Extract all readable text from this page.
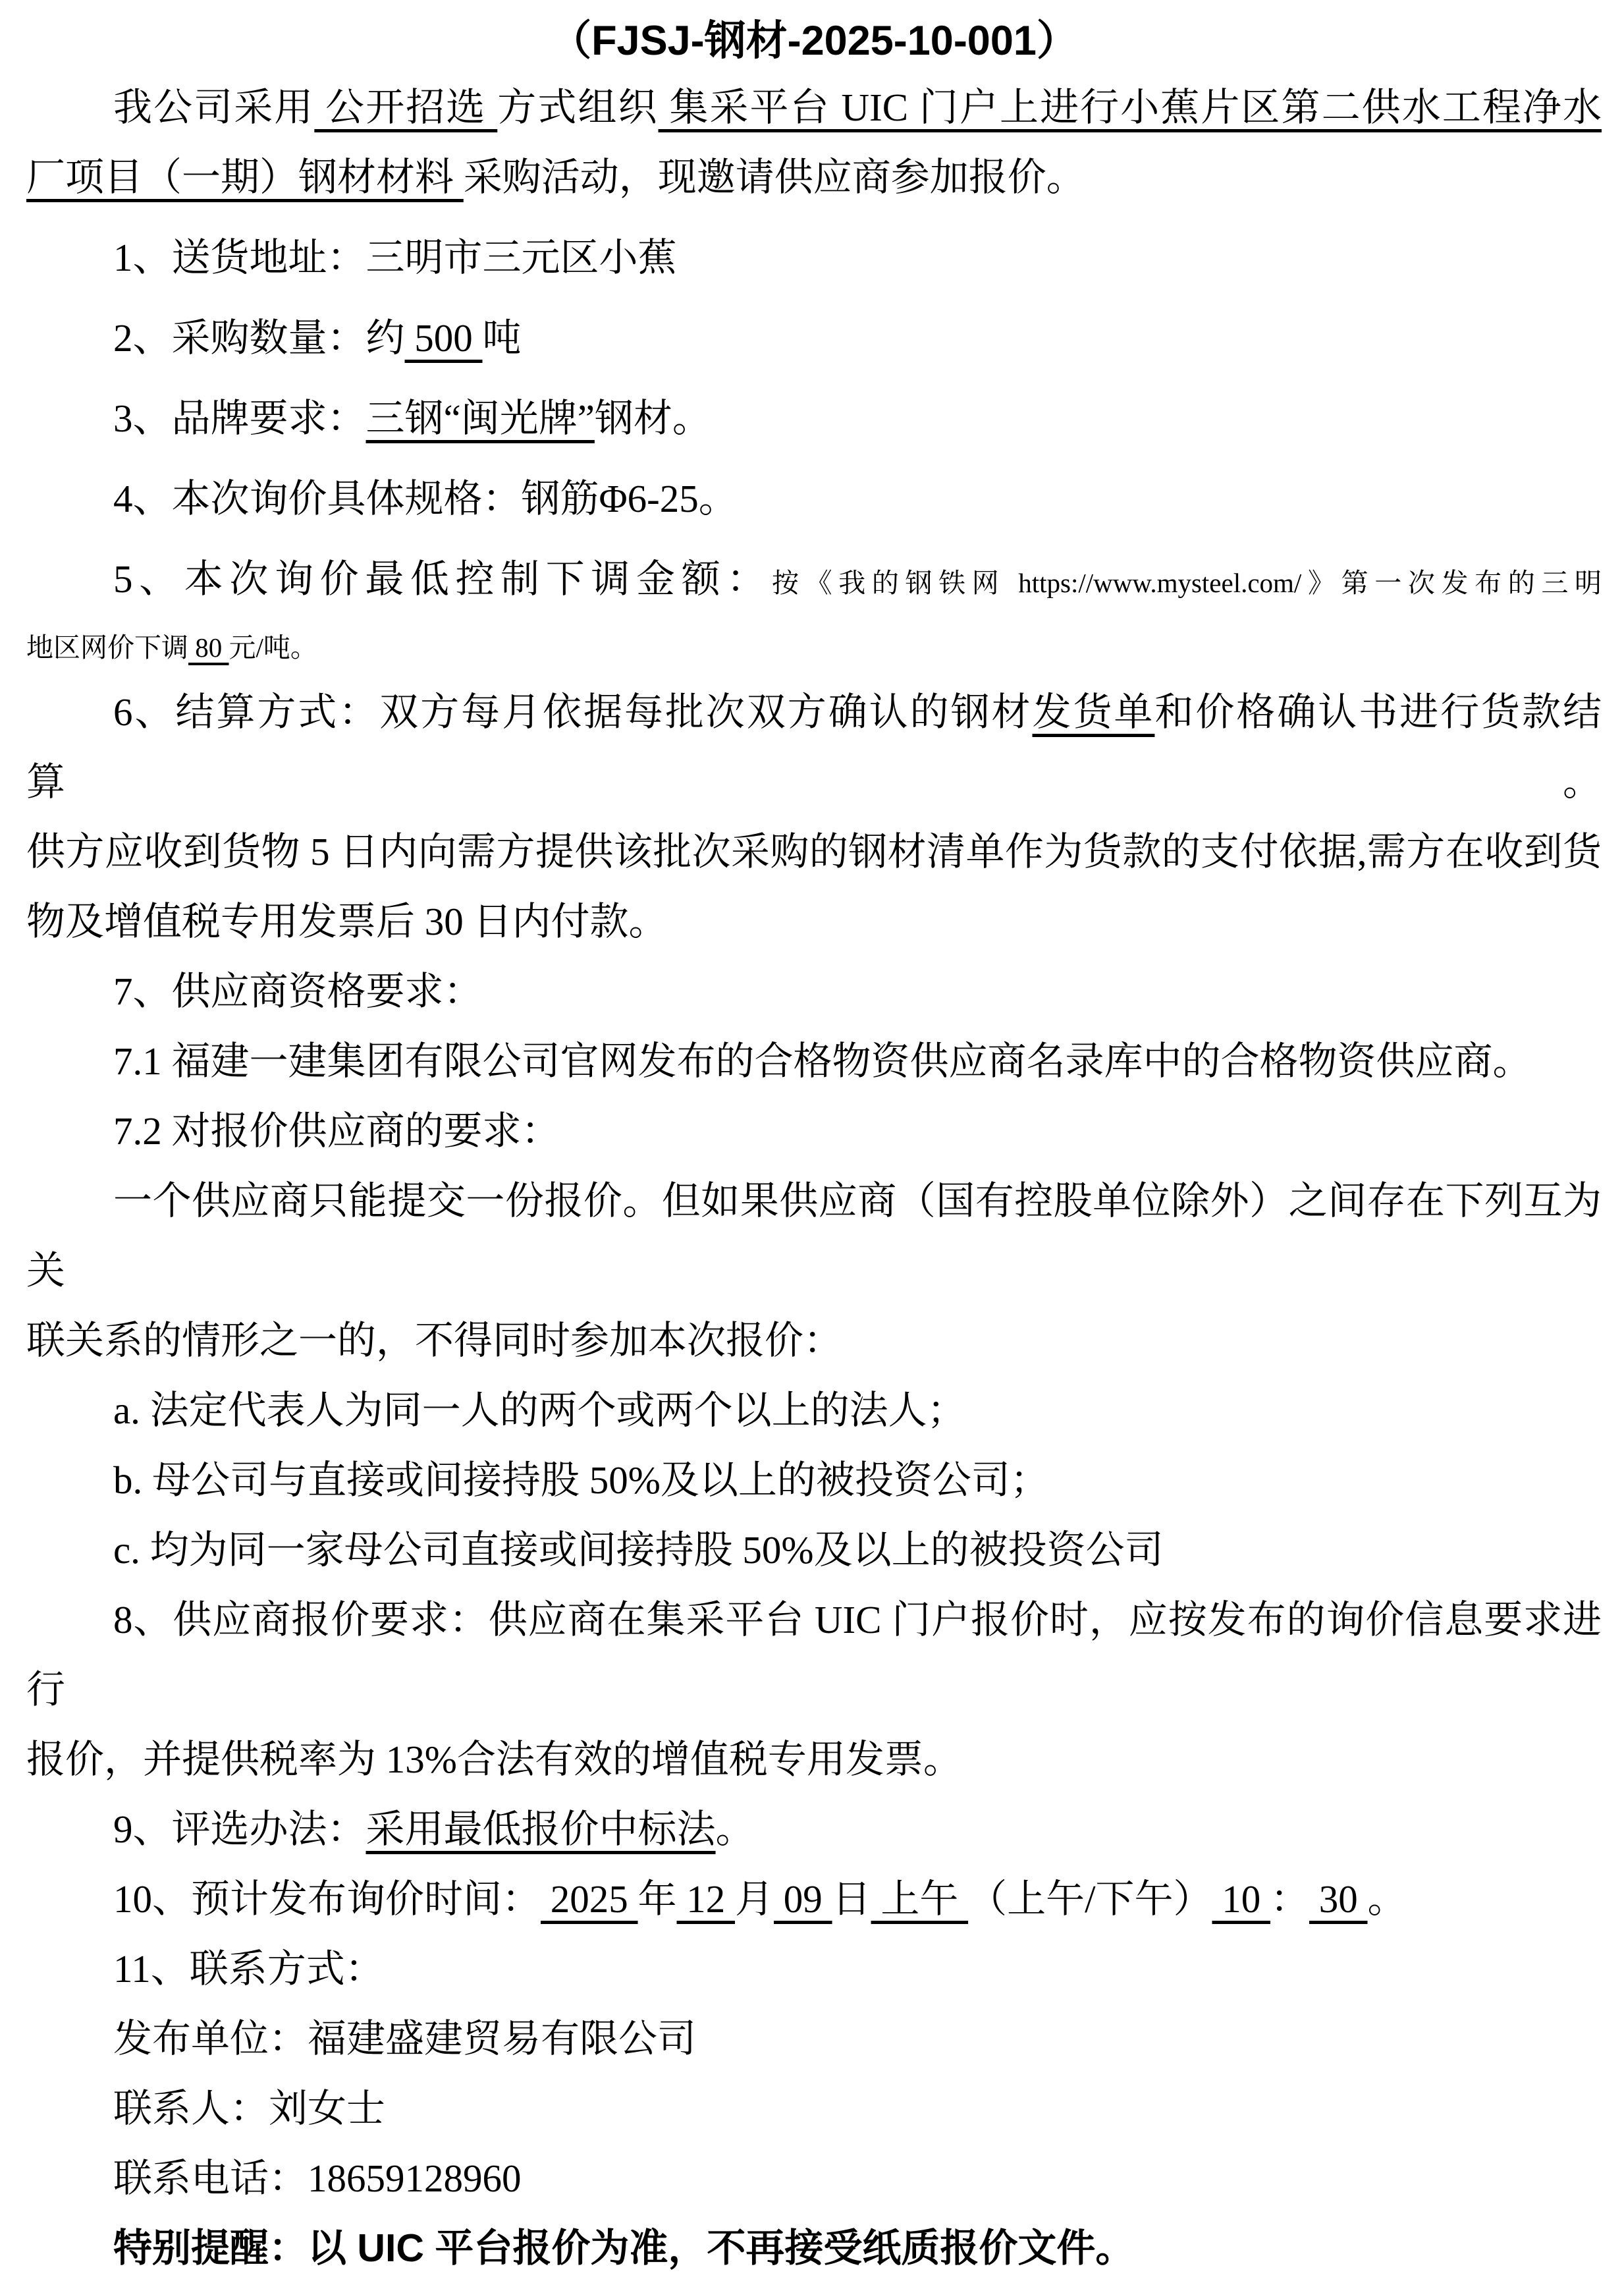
（FJSJ-钢材-2025-10-001）
我公司采用 公开招选 方式组织 集采平台 UIC 门户上进行小蕉片区第二供水工程净水
厂项目（一期）钢材材料 采购活动，现邀请供应商参加报价。
1、送货地址：三明市三元区小蕉
2、采购数量：约 500 吨
3、品牌要求：三钢“闽光牌”钢材。
4、本次询价具体规格：钢筋Φ6-25。
5、本次询价最低控制下调金额：按《我的钢铁网 https://www.mysteel.com/》第一次发布的三明
地区网价下调 80 元/吨。
6、结算方式：双方每月依据每批次双方确认的钢材发货单和价格确认书进行货款结算。
供方应收到货物 5 日内向需方提供该批次采购的钢材清单作为货款的支付依据,需方在收到货
物及增值税专用发票后 30 日内付款。
7、供应商资格要求：
7.1 福建一建集团有限公司官网发布的合格物资供应商名录库中的合格物资供应商。
7.2 对报价供应商的要求：
一个供应商只能提交一份报价。但如果供应商（国有控股单位除外）之间存在下列互为关
联关系的情形之一的，不得同时参加本次报价：
a. 法定代表人为同一人的两个或两个以上的法人；
b. 母公司与直接或间接持股 50%及以上的被投资公司；
c. 均为同一家母公司直接或间接持股 50%及以上的被投资公司
8、供应商报价要求：供应商在集采平台 UIC 门户报价时，应按发布的询价信息要求进行
报价，并提供税率为 13%合法有效的增值税专用发票。
9、评选办法：采用最低报价中标法。
10、预计发布询价时间： 2025 年 12 月 09 日 上午 （上午/下午） 10 ： 30 。
11、联系方式：
发布单位：福建盛建贸易有限公司
联系人：刘女士
联系电话：18659128960
特别提醒：以 UIC 平台报价为准，不再接受纸质报价文件。
